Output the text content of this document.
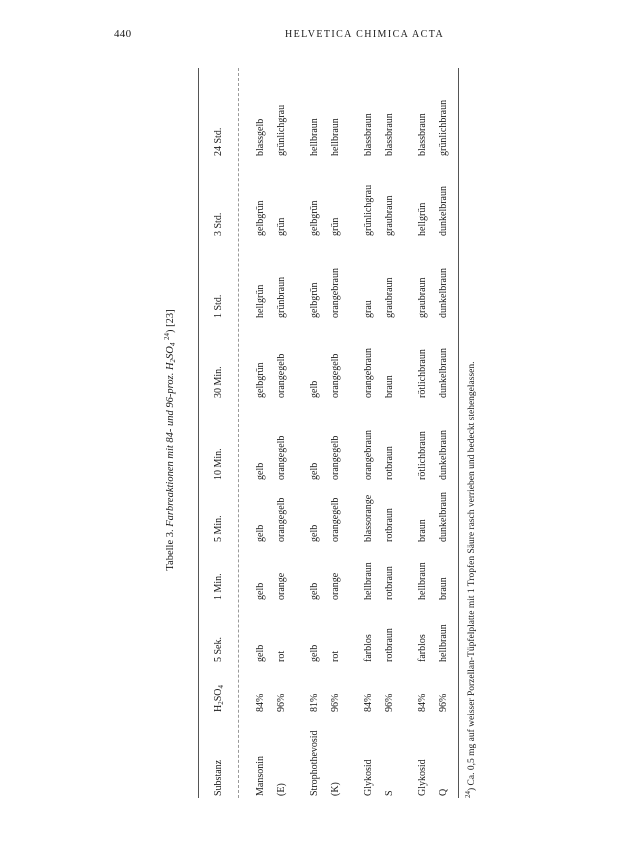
440	HELVETICA CHIMICA ACTA
Tabelle 3. Farbreaktionen mit 84- und 96-proz. $H_2SO_4$ $^{24}$) [23]
Substanz	$H_2SO_4$	5 Sek.	1 Min.	5 Min.	10 Min.	30 Min.	1 Std.	3 Std.	24 Std.

Mansonin	84%	gelb	gelb	gelb	gelb	gelbgrün	hellgrün	gelbgrün	blassgelb
(E)	96%	rot	orange	orangegelb	orangegelb	orangegelb	grünbraun	grün	grünlichgrau

Strophothevosid	81%	gelb	gelb	gelb	gelb	gelb	gelbgrün	gelbgrün	hellbraun
(K)	96%	rot	orange	orangegelb	orangegelb	orangegelb	orangebraun	grün	hellbraun

Glykosid	84%	farblos	hellbraun	blassorange	orangebraun	orangebraun	grau	grünlichgrau	blassbraun
S	96%	rotbraun	rotbraun	rotbraun	rotbraun	braun	graubraun	graubraun	blassbraun

Glykosid	84%	farblos	hellbraun	braun	rötlichbraun	rötlichbraun	graubraun	hellgrün	blassbraun
Q	96%	hellbraun	braun	dunkelbraun	dunkelbraun	dunkelbraun	dunkelbraun	dunkelbraun	grünlichbraun
$^{24}$) Ca. 0,5 mg auf weisser Porzellan-Tüpfelplatte mit 1 Tropfen Säure rasch verrieben und bedeckt stehengelassen.
